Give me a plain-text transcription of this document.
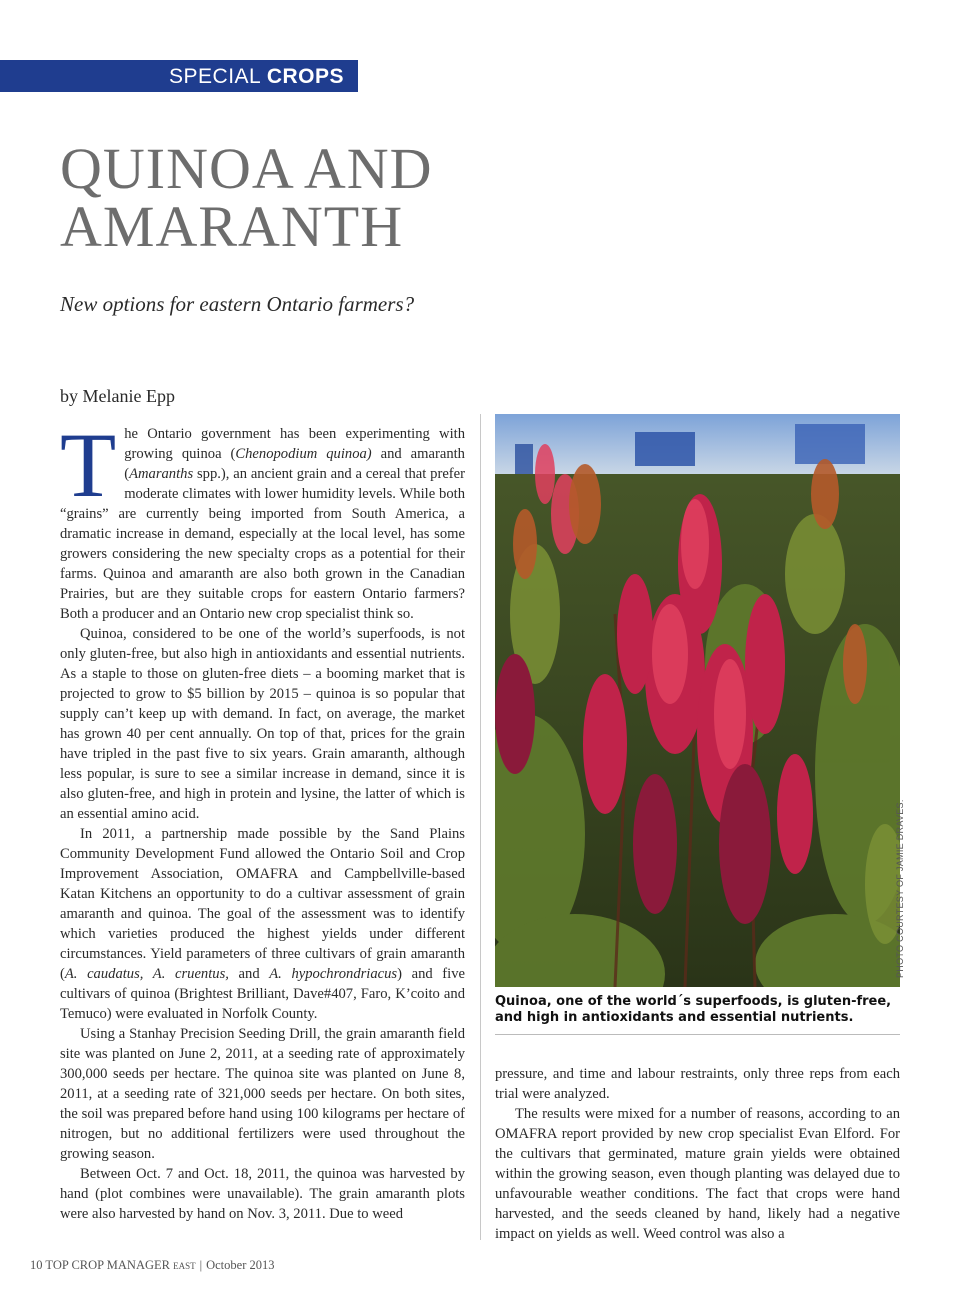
SPECIAL CROPS
QUINOA AND
AMARANTH
New options for eastern Ontario farmers?
by Melanie Epp

The Ontario government has been experimenting with growing quinoa (Chenopodium quinoa) and amaranth (Amaranths spp.), an ancient grain and a cereal that prefer moderate climates with lower humidity levels. While both “grains” are currently being imported from South America, a dramatic increase in demand, especially at the local level, has some growers considering the new specialty crops as a potential for their farms. Quinoa and amaranth are also both grown in the Canadian Prairies, but are they suitable crops for eastern Ontario farmers? Both a producer and an Ontario new crop specialist think so.

Quinoa, considered to be one of the world’s superfoods, is not only gluten-free, but also high in antioxidants and essential nutrients. As a staple to those on gluten-free diets – a booming market that is projected to grow to $5 billion by 2015 – quinoa is so popular that supply can’t keep up with demand. In fact, on average, the market has grown 40 per cent annually. On top of that, prices for the grain have tripled in the past five to six years. Grain amaranth, although less popular, is sure to see a similar increase in demand, since it is also gluten-free, and high in protein and lysine, the latter of which is an essential amino acid.

In 2011, a partnership made possible by the Sand Plains Community Development Fund allowed the Ontario Soil and Crop Improvement Association, OMAFRA and Campbellville-based Katan Kitchens an opportunity to do a cultivar assessment of grain amaranth and quinoa. The goal of the assessment was to identify which varieties produced the highest yields under different circumstances. Yield parameters of three cultivars of grain amaranth (A. caudatus, A. cruentus, and A. hypochrondriacus) and five cultivars of quinoa (Brightest Brilliant, Dave#407, Faro, K’coito and Temuco) were evaluated in Norfolk County.

Using a Stanhay Precision Seeding Drill, the grain amaranth field site was planted on June 2, 2011, at a seeding rate of approximately 300,000 seeds per hectare. The quinoa site was planted on June 8, 2011, at a seeding rate of 321,000 seeds per hectare. On both sites, the soil was prepared before hand using 100 kilograms per hectare of nitrogen, but no additional fertilizers were used throughout the growing season.

Between Oct. 7 and Oct. 18, 2011, the quinoa was harvested by hand (plot combines were unavailable). The grain amaranth plots were also harvested by hand on Nov. 3, 2011. Due to weed

PHOTO COURTESY OF JAMIE DRAVES.
Quinoa, one of the world´s superfoods, is gluten-free, and high in antioxidants and essential nutrients.

pressure, and time and labour restraints, only three reps from each trial were analyzed.

The results were mixed for a number of reasons, according to an OMAFRA report provided by new crop specialist Evan Elford. For the cultivars that germinated, mature grain yields were obtained within the growing season, even though planting was delayed due to unfavourable weather conditions. The fact that crops were hand harvested, and the seeds cleaned by hand, likely had a negative impact on yields as well. Weed control was also a

10 TOP CROP MANAGER EAST | October 2013
